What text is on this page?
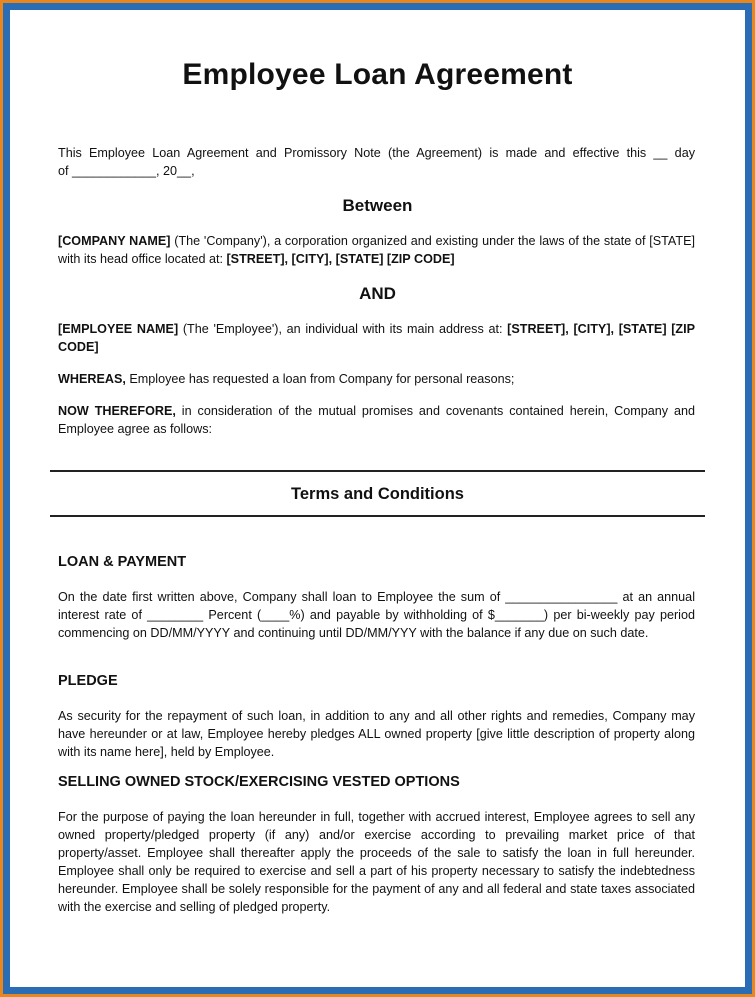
Employee Loan Agreement
This Employee Loan Agreement and Promissory Note (the Agreement) is made and effective this __ day
of ____________, 20__,
Between
[COMPANY NAME] (The 'Company'), a corporation organized and existing under the laws of the state of [STATE] with its head office located at: [STREET], [CITY], [STATE] [ZIP CODE]
AND
[EMPLOYEE NAME] (The 'Employee'), an individual with its main address at: [STREET], [CITY], [STATE] [ZIP CODE]
WHEREAS, Employee has requested a loan from Company for personal reasons;
NOW THEREFORE, in consideration of the mutual promises and covenants contained herein, Company and Employee agree as follows:
Terms and Conditions
LOAN & PAYMENT
On the date first written above, Company shall loan to Employee the sum of ________________ at an annual interest rate of ________ Percent (____%) and payable by withholding of $_______) per bi-weekly pay period commencing on DD/MM/YYYY and continuing until DD/MM/YYY with the balance if any due on such date.
PLEDGE
As security for the repayment of such loan, in addition to any and all other rights and remedies, Company may have hereunder or at law, Employee hereby pledges ALL owned property [give little description of property along with its name here], held by Employee.
SELLING OWNED STOCK/EXERCISING VESTED OPTIONS
For the purpose of paying the loan hereunder in full, together with accrued interest, Employee agrees to sell any owned property/pledged property (if any) and/or exercise according to prevailing market price of that property/asset. Employee shall thereafter apply the proceeds of the sale to satisfy the loan in full hereunder. Employee shall only be required to exercise and sell a part of his property necessary to satisfy the indebtedness hereunder. Employee shall be solely responsible for the payment of any and all federal and state taxes associated with the exercise and selling of pledged property.
